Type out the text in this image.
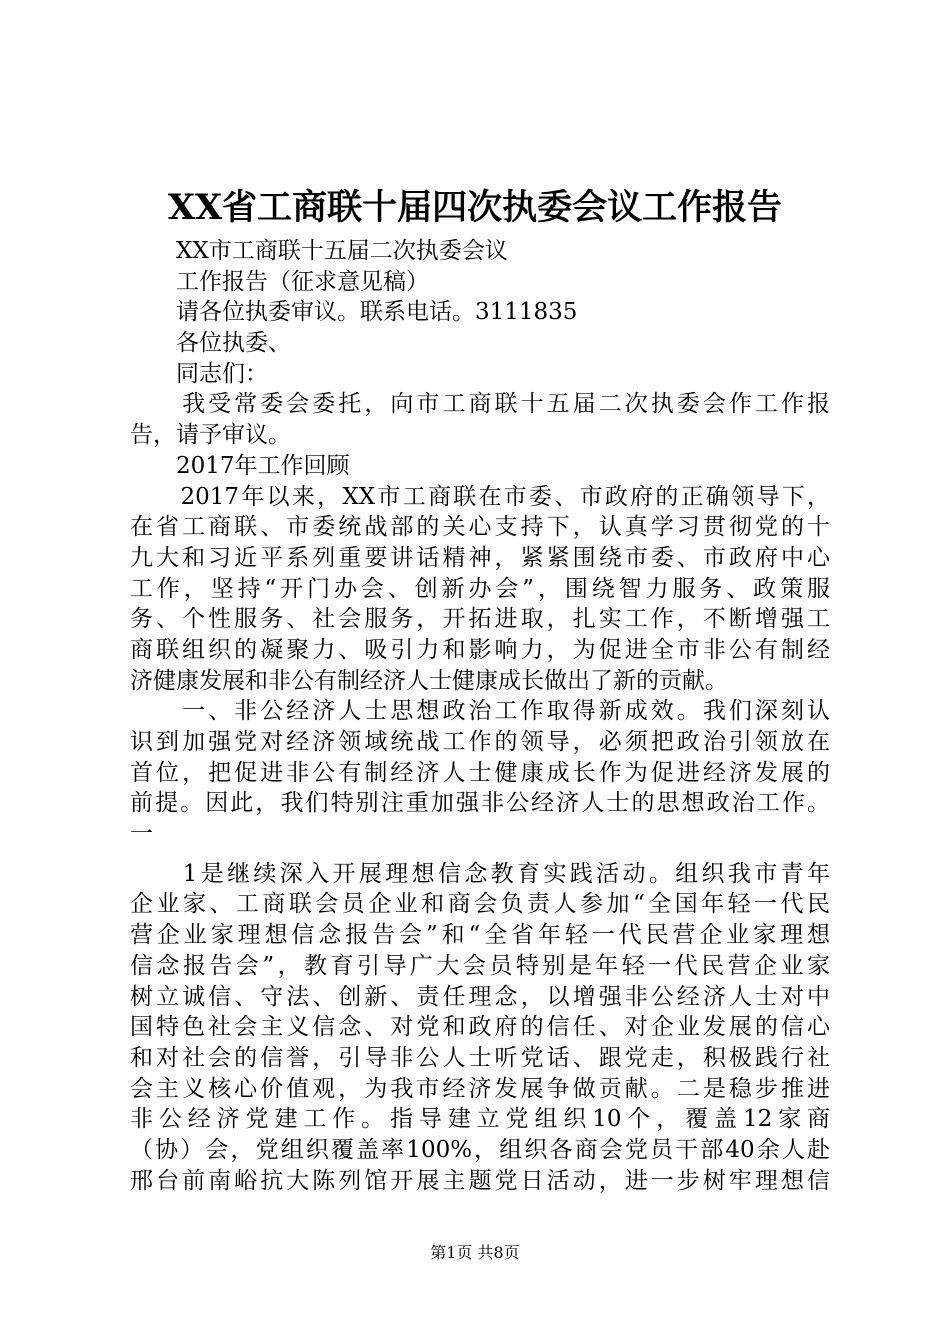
XX省工商联十届四次执委会议工作报告
XX市工商联十五届二次执委会议
工作报告（征求意见稿）
请各位执委审议。联系电话。3111835
各位执委、
同志们：
　　我受常委会委托，向市工商联十五届二次执委会作工作报
告，请予审议。
　　2017年工作回顾
　　2017年以来，XX市工商联在市委、市政府的正确领导下，
在省工商联、市委统战部的关心支持下，认真学习贯彻党的十
九大和习近平系列重要讲话精神，紧紧围绕市委、市政府中心
工作，坚持“开门办会、创新办会”，围绕智力服务、政策服
务、个性服务、社会服务，开拓进取，扎实工作，不断增强工
商联组织的凝聚力、吸引力和影响力，为促进全市非公有制经
济健康发展和非公有制经济人士健康成长做出了新的贡献。
　　一、非公经济人士思想政治工作取得新成效。我们深刻认
识到加强党对经济领域统战工作的领导，必须把政治引领放在
首位，把促进非公有制经济人士健康成长作为促进经济发展的
前提。因此，我们特别注重加强非公经济人士的思想政治工作。
一
　　1是继续深入开展理想信念教育实践活动。组织我市青年
企业家、工商联会员企业和商会负责人参加“全国年轻一代民
营企业家理想信念报告会”和“全省年轻一代民营企业家理想
信念报告会”，教育引导广大会员特别是年轻一代民营企业家
树立诚信、守法、创新、责任理念，以增强非公经济人士对中
国特色社会主义信念、对党和政府的信任、对企业发展的信心
和对社会的信誉，引导非公人士听党话、跟党走，积极践行社
会主义核心价值观，为我市经济发展争做贡献。二是稳步推进
非公经济党建工作。指导建立党组织10个，覆盖12家商
（协）会，党组织覆盖率100%，组织各商会党员干部40余人赴
邢台前南峪抗大陈列馆开展主题党日活动，进一步树牢理想信
第1页 共8页
